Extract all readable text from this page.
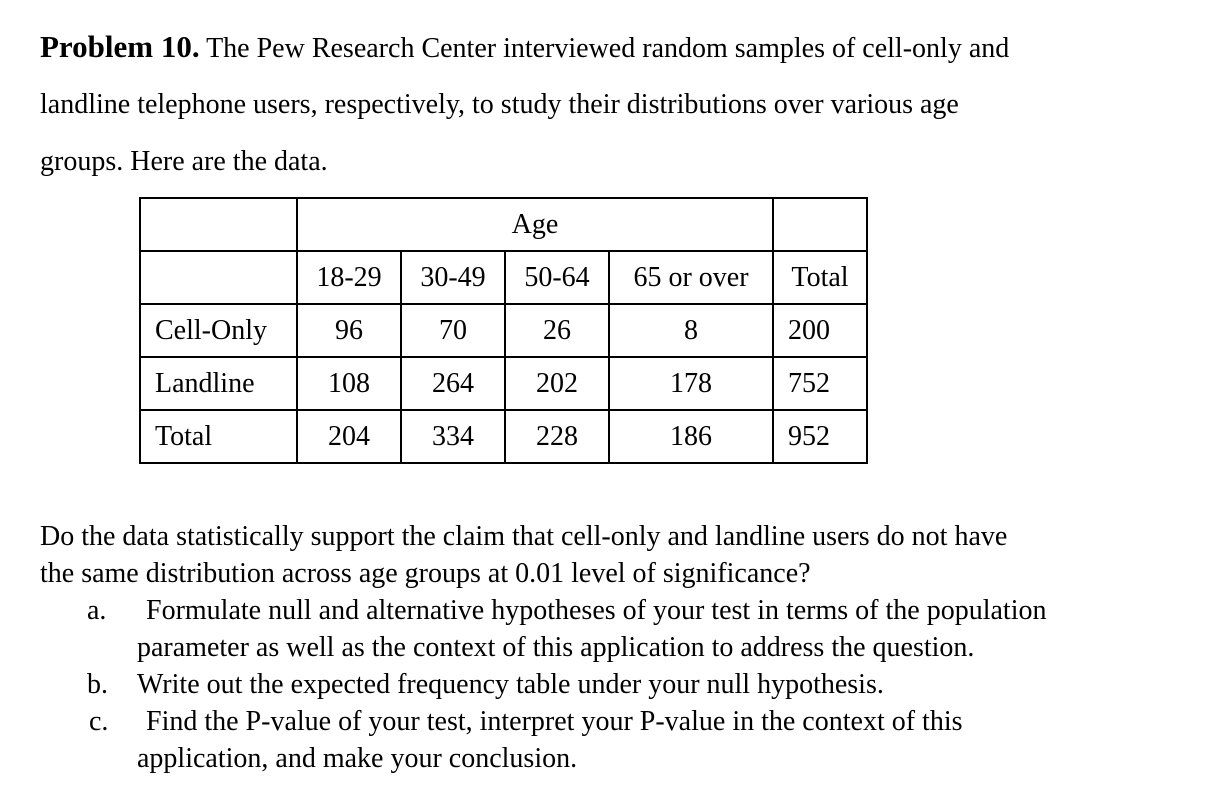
Problem 10. The Pew Research Center interviewed random samples of cell-only and
landline telephone users, respectively, to study their distributions over various age
groups. Here are the data.
	Age				
	18-29	30-49	50-64	65 or over	Total
Cell-Only	96	70	26	8	200
Landline	108	264	202	178	752
Total	204	334	228	186	952
Do the data statistically support the claim that cell-only and landline users do not have
the same distribution across age groups at 0.01 level of significance?
a. Formulate null and alternative hypotheses of your test in terms of the population
parameter as well as the context of this application to address the question.
b. Write out the expected frequency table under your null hypothesis.
c. Find the P-value of your test, interpret your P-value in the context of this
application, and make your conclusion.
